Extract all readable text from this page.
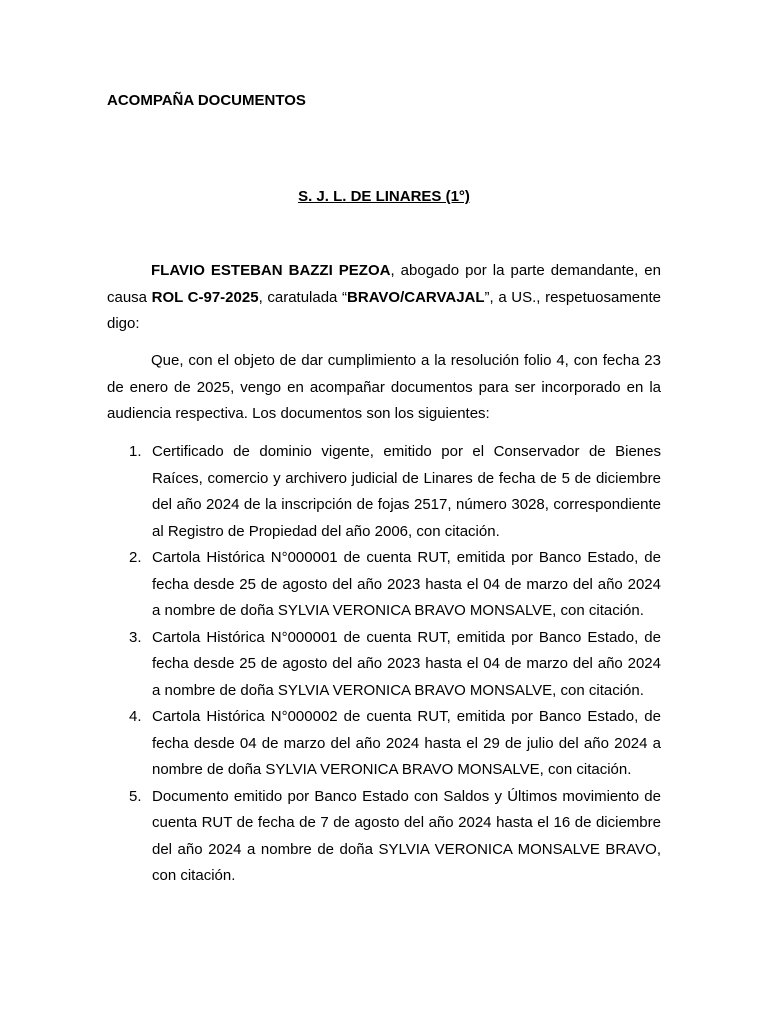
ACOMPAÑA DOCUMENTOS

S. J. L. DE LINARES (1°)

FLAVIO ESTEBAN BAZZI PEZOA, abogado por la parte demandante, en causa ROL C-97-2025, caratulada “BRAVO/CARVAJAL”, a US., respetuosamente digo:

Que, con el objeto de dar cumplimiento a la resolución folio 4, con fecha 23 de enero de 2025, vengo en acompañar documentos para ser incorporado en la audiencia respectiva. Los documentos son los siguientes:

1. Certificado de dominio vigente, emitido por el Conservador de Bienes Raíces, comercio y archivero judicial de Linares de fecha de 5 de diciembre del año 2024 de la inscripción de fojas 2517, número 3028, correspondiente al Registro de Propiedad del año 2006, con citación.
2. Cartola Histórica N°000001 de cuenta RUT, emitida por Banco Estado, de fecha desde 25 de agosto del año 2023 hasta el 04 de marzo del año 2024 a nombre de doña SYLVIA VERONICA BRAVO MONSALVE, con citación.
3. Cartola Histórica N°000001 de cuenta RUT, emitida por Banco Estado, de fecha desde 25 de agosto del año 2023 hasta el 04 de marzo del año 2024 a nombre de doña SYLVIA VERONICA BRAVO MONSALVE, con citación.
4. Cartola Histórica N°000002 de cuenta RUT, emitida por Banco Estado, de fecha desde 04 de marzo del año 2024 hasta el 29 de julio del año 2024 a nombre de doña SYLVIA VERONICA BRAVO MONSALVE, con citación.
5. Documento emitido por Banco Estado con Saldos y Últimos movimiento de cuenta RUT de fecha de 7 de agosto del año 2024 hasta el 16 de diciembre del año 2024 a nombre de doña SYLVIA VERONICA MONSALVE BRAVO, con citación.
